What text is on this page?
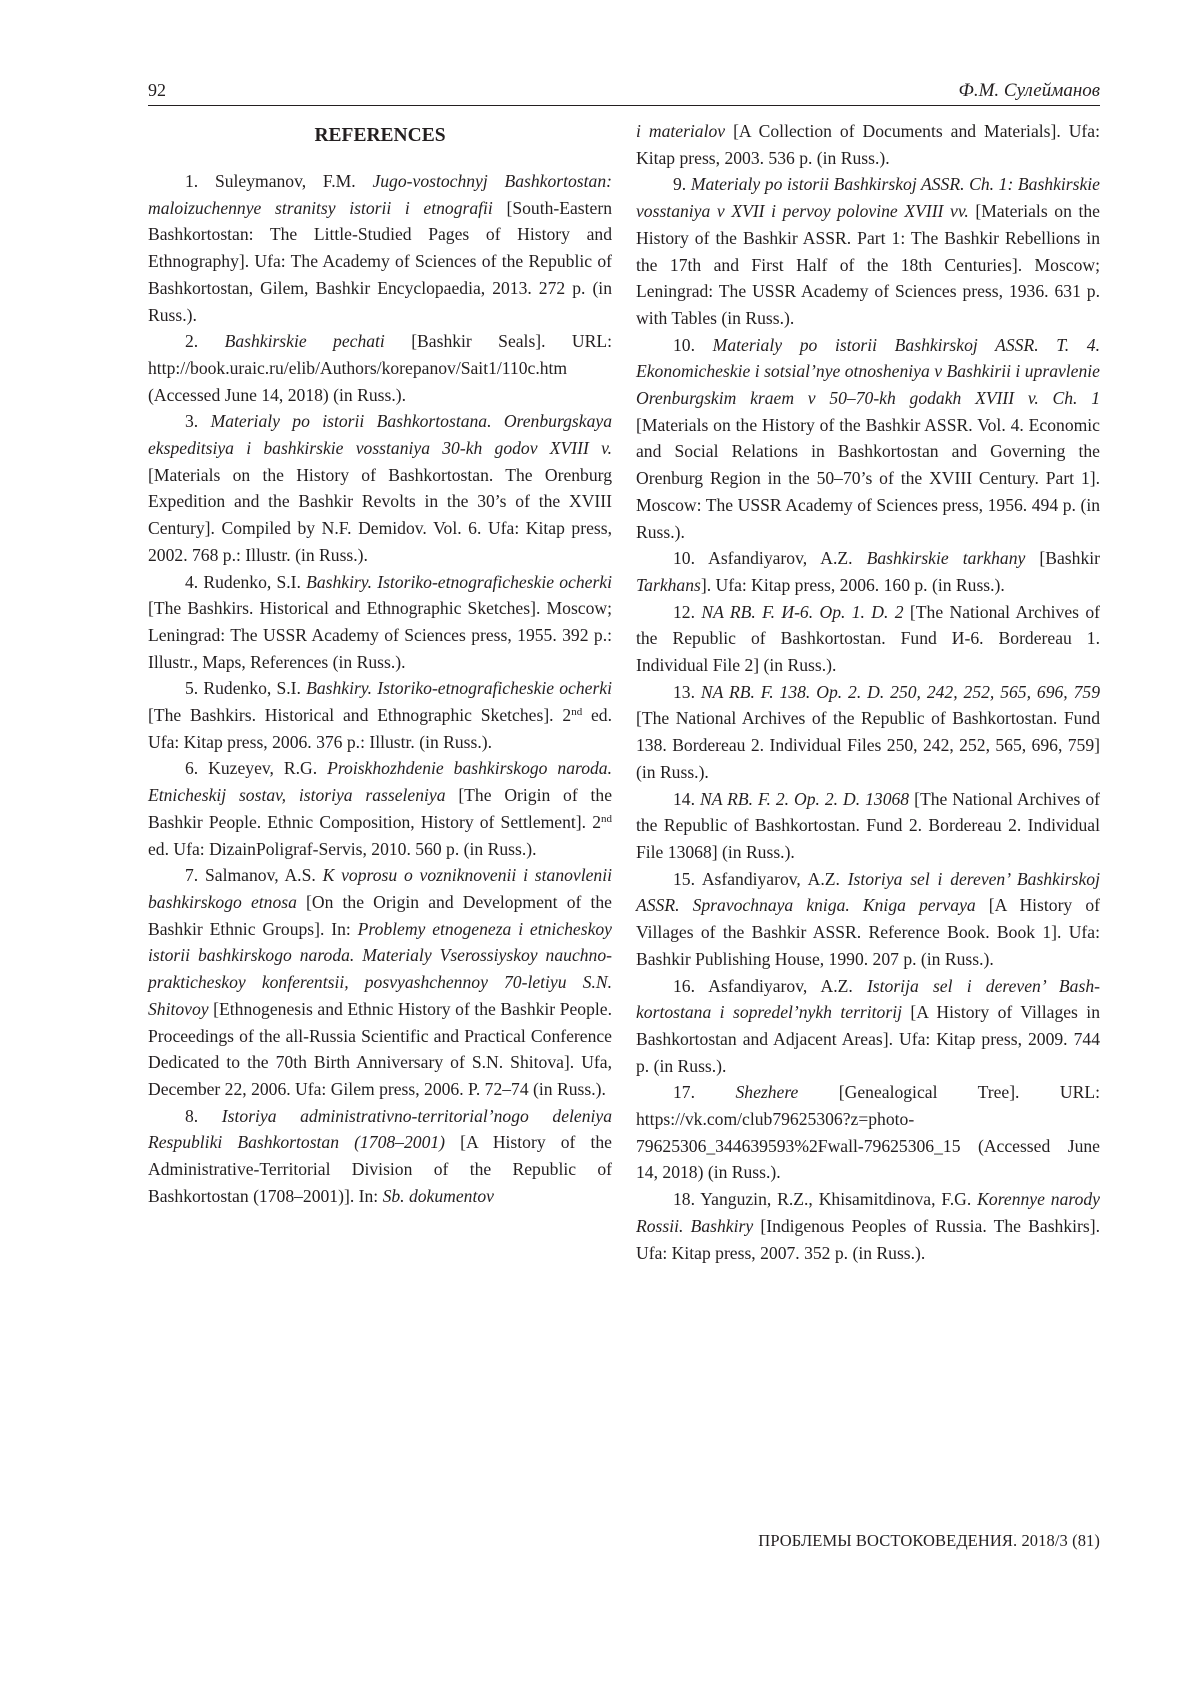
92	Ф.М. Сулейманов
REFERENCES

1. Suleymanov, F.M. Jugo-vostochnyj Bashkortostan: maloizuchennye stranitsy istorii i etnografii [South-Eastern Bashkortostan: The Little-Studied Pages of History and Ethnography]. Ufa: The Academy of Sciences of the Republic of Bashkortostan, Gilem, Bashkir Encyclopaedia, 2013. 272 p. (in Russ.).

2. Bashkirskie pechati [Bashkir Seals]. URL: http://book.uraic.ru/elib/Authors/korepanov/Sait1/110c.htm (Accessed June 14, 2018) (in Russ.).

3. Materialy po istorii Bashkortostana. Orenburgskaya ekspeditsiya i bashkirskie vosstaniya 30-kh godov XVIII v. [Materials on the History of Bashkortostan. The Orenburg Expedition and the Bashkir Revolts in the 30’s of the XVIII Century]. Compiled by N.F. Demidov. Vol. 6. Ufa: Kitap press, 2002. 768 p.: Illustr. (in Russ.).

4. Rudenko, S.I. Bashkiry. Istoriko-etnograficheskie ocherki [The Bashkirs. Historical and Ethnographic Sketches]. Moscow; Leningrad: The USSR Academy of Sciences press, 1955. 392 p.: Illustr., Maps, References (in Russ.).

5. Rudenko, S.I. Bashkiry. Istoriko-etnograficheskie ocherki [The Bashkirs. Historical and Ethnographic Sketches]. 2nd ed. Ufa: Kitap press, 2006. 376 p.: Illustr. (in Russ.).

6. Kuzeyev, R.G. Proiskhozhdenie bashkirskogo naroda. Etnicheskij sostav, istoriya rasseleniya [The Origin of the Bashkir People. Ethnic Composition, History of Settlement]. 2nd ed. Ufa: DizainPoligraf-Servis, 2010. 560 p. (in Russ.).

7. Salmanov, A.S. K voprosu o vozniknovenii i stanovlenii bashkirskogo etnosa [On the Origin and Development of the Bashkir Ethnic Groups]. In: Problemy etnogeneza i etnicheskoy istorii bashkirskogo naroda. Materialy Vserossiyskoy nauchno-prakticheskoy konferentsii, posvyashchennoy 70-letiyu S.N. Shitovoy [Ethnogenesis and Ethnic History of the Bashkir People. Proceedings of the all-Russia Scientific and Practical Conference Dedicated to the 70th Birth Anniversary of S.N. Shitova]. Ufa, December 22, 2006. Ufa: Gilem press, 2006. P. 72–74 (in Russ.).

8. Istoriya administrativno-territorial’nogo deleniya Respubliki Bashkortostan (1708–2001) [A History of the Administrative-Territorial Division of the Republic of Bashkortostan (1708–2001)]. In: Sb. dokumentov

i materialov [A Collection of Documents and Materials]. Ufa: Kitap press, 2003. 536 p. (in Russ.).

9. Materialy po istorii Bashkirskoj ASSR. Ch. 1: Bashkirskie vosstaniya v XVII i pervoy polovine XVIII vv. [Materials on the History of the Bashkir ASSR. Part 1: The Bashkir Rebellions in the 17th and First Half of the 18th Centuries]. Moscow; Leningrad: The USSR Academy of Sciences press, 1936. 631 p. with Tables (in Russ.).

10. Materialy po istorii Bashkirskoj ASSR. T. 4. Ekonomicheskie i sotsial’nye otnosheniya v Bashkirii i upravlenie Orenburgskim kraem v 50–70-kh godakh XVIII v. Ch. 1 [Materials on the History of the Bashkir ASSR. Vol. 4. Economic and Social Relations in Bashkortostan and Governing the Orenburg Region in the 50–70’s of the XVIII Century. Part 1]. Moscow: The USSR Academy of Sciences press, 1956. 494 p. (in Russ.).

10. Asfandiyarov, A.Z. Bashkirskie tarkhany [Bashkir Tarkhans]. Ufa: Kitap press, 2006. 160 p. (in Russ.).

12. NA RB. F. И-6. Op. 1. D. 2 [The National Archives of the Republic of Bashkortostan. Fund И-6. Bordereau 1. Individual File 2] (in Russ.).

13. NA RB. F. 138. Op. 2. D. 250, 242, 252, 565, 696, 759 [The National Archives of the Republic of Bashkortostan. Fund 138. Bordereau 2. Individual Files 250, 242, 252, 565, 696, 759] (in Russ.).

14. NA RB. F. 2. Op. 2. D. 13068 [The National Archives of the Republic of Bashkortostan. Fund 2. Bordereau 2. Individual File 13068] (in Russ.).

15. Asfandiyarov, A.Z. Istoriya sel i dereven’ Bashkirskoj ASSR. Spravochnaya kniga. Kniga pervaya [A History of Villages of the Bashkir ASSR. Reference Book. Book 1]. Ufa: Bashkir Publishing House, 1990. 207 p. (in Russ.).

16. Asfandiyarov, A.Z. Istorija sel i dereven’ Bashkortostana i sopredel’nykh territorij [A History of Villages in Bashkortostan and Adjacent Areas]. Ufa: Kitap press, 2009. 744 p. (in Russ.).

17. Shezhere [Genealogical Tree]. URL: https://vk.com/club79625306?z=photo-79625306_344639593%2Fwall-79625306_15 (Accessed June 14, 2018) (in Russ.).

18. Yanguzin, R.Z., Khisamitdinova, F.G. Korennye narody Rossii. Bashkiry [Indigenous Peoples of Russia. The Bashkirs]. Ufa: Kitap press, 2007. 352 p. (in Russ.).

ПРОБЛЕМЫ ВОСТОКОВЕДЕНИЯ. 2018/3 (81)
